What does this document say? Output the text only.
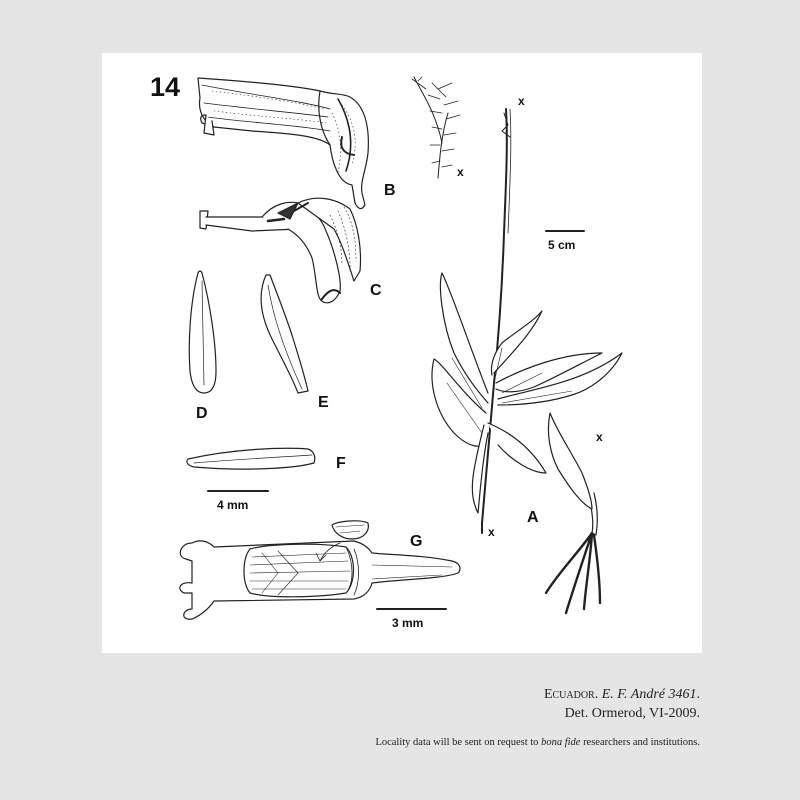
14
B
C
D
E
F
4 mm
G
3 mm
x
x
x
x
5 cm
A
Ecuador. E. F. André 3461.
Det. Ormerod, VI-2009.
Locality data will be sent on request to bona fide researchers and institutions.
